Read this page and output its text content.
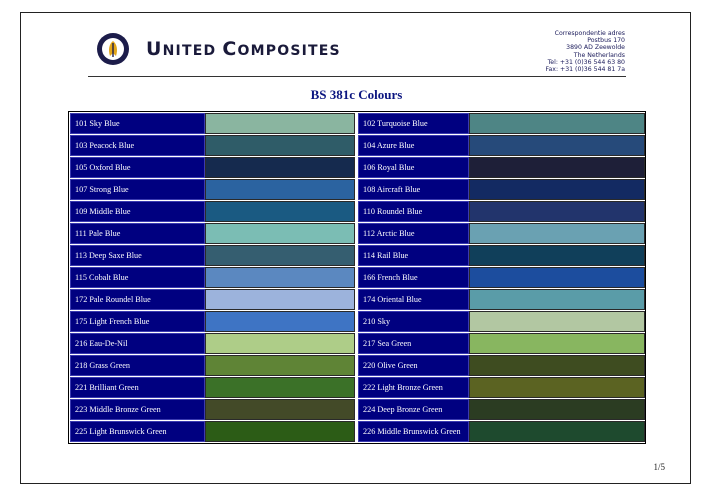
UNITED COMPOSITES
Correspondentie adres
Postbus 170
3890 AD Zeewolde
The Netherlands
Tel: +31 (0)36 544 63 80
Fax: +31 (0)36 544 81 7a
BS 381c Colours
101 Sky Blue	102 Turquoise Blue
103 Peacock Blue	104 Azure Blue
105 Oxford Blue	106 Royal Blue
107 Strong Blue	108 Aircraft Blue
109 Middle Blue	110 Roundel Blue
111 Pale Blue	112 Arctic Blue
113 Deep Saxe Blue	114 Rail Blue
115 Cobalt Blue	166 French Blue
172 Pale Roundel Blue	174 Oriental Blue
175 Light French Blue	210 Sky
216 Eau-De-Nil	217 Sea Green
218 Grass Green	220 Olive Green
221 Brilliant Green	222 Light Bronze Green
223 Middle Bronze Green	224 Deep Bronze Green
225 Light Brunswick Green	226 Middle Brunswick Green
1/5
